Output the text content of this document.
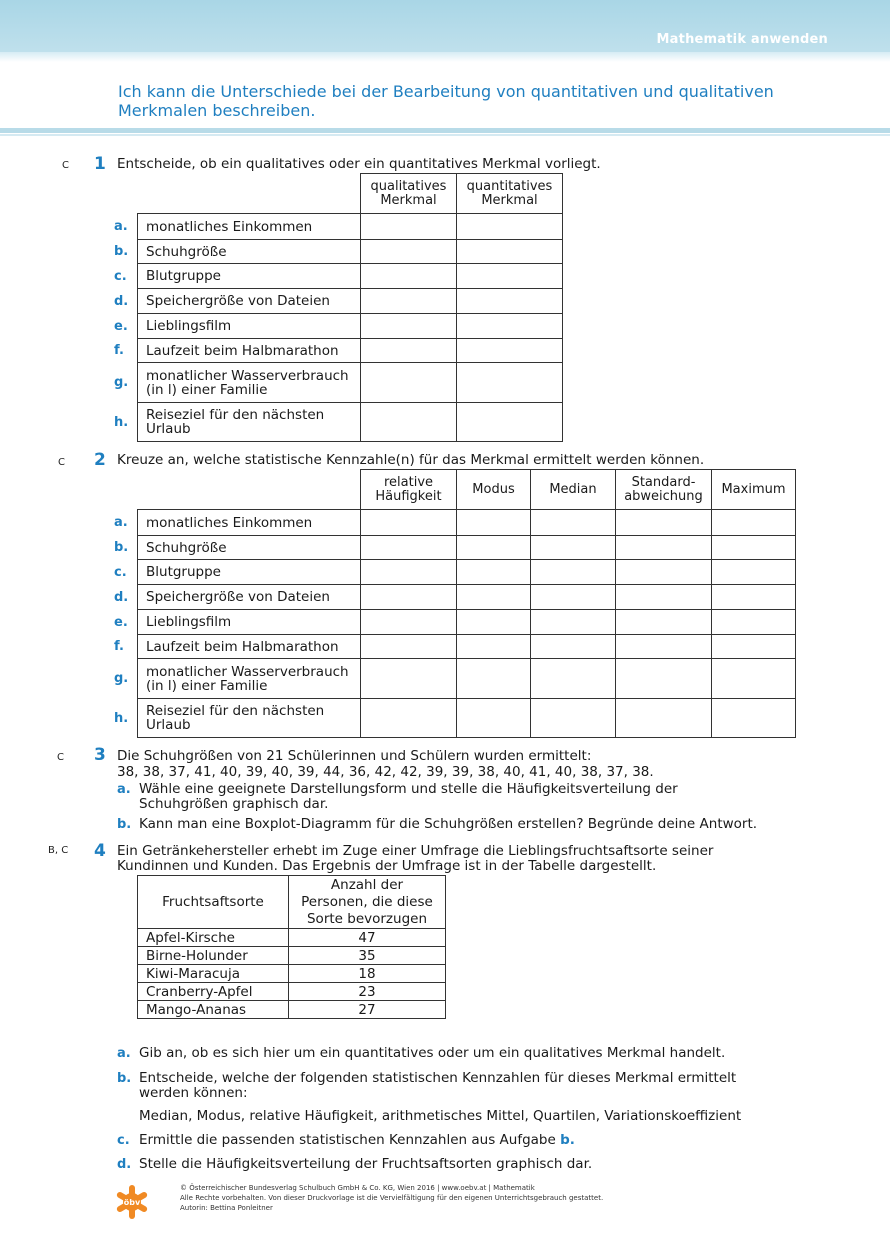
Mathematik anwenden
Ich kann die Unterschiede bei der Bearbeitung von quantitativen und qualitativen Merkmalen beschreiben.
C 1 Entscheide, ob ein qualitatives oder ein quantitatives Merkmal vorliegt.
qualitatives Merkmal
quantitatives Merkmal
a.	monatliches Einkommen
b.	Schuhgröße
c.	Blutgruppe
d.	Speichergröße von Dateien
e.	Lieblingsfilm
f.	Laufzeit beim Halbmarathon
g.	monatlicher Wasserverbrauch (in l) einer Familie
h.	Reiseziel für den nächsten Urlaub
C 2 Kreuze an, welche statistische Kennzahle(n) für das Merkmal ermittelt werden können.
relative Häufigkeit	Modus	Median	Standard-abweichung	Maximum
a.	monatliches Einkommen
b.	Schuhgröße
c.	Blutgruppe
d.	Speichergröße von Dateien
e.	Lieblingsfilm
f.	Laufzeit beim Halbmarathon
g.	monatlicher Wasserverbrauch (in l) einer Familie
h.	Reiseziel für den nächsten Urlaub
C 3 Die Schuhgrößen von 21 Schülerinnen und Schülern wurden ermittelt:
38, 38, 37, 41, 40, 39, 40, 39, 44, 36, 42, 42, 39, 39, 38, 40, 41, 40, 38, 37, 38.
a. Wähle eine geeignete Darstellungsform und stelle die Häufigkeitsverteilung der Schuhgrößen graphisch dar.
b. Kann man eine Boxplot-Diagramm für die Schuhgrößen erstellen? Begründe deine Antwort.
B, C 4 Ein Getränkehersteller erhebt im Zuge einer Umfrage die Lieblingsfruchtsaftsorte seiner Kundinnen und Kunden. Das Ergebnis der Umfrage ist in der Tabelle dargestellt.
Fruchtsaftsorte	Anzahl der Personen, die diese Sorte bevorzugen
Apfel-Kirsche	47
Birne-Holunder	35
Kiwi-Maracuja	18
Cranberry-Apfel	23
Mango-Ananas	27
a. Gib an, ob es sich hier um ein quantitatives oder um ein qualitatives Merkmal handelt.
b. Entscheide, welche der folgenden statistischen Kennzahlen für dieses Merkmal ermittelt werden können:
Median, Modus, relative Häufigkeit, arithmetisches Mittel, Quartilen, Variationskoeffizient
c. Ermittle die passenden statistischen Kennzahlen aus Aufgabe b.
d. Stelle die Häufigkeitsverteilung der Fruchtsaftsorten graphisch dar.
öbv
© Österreichischer Bundesverlag Schulbuch GmbH & Co. KG, Wien 2016 | www.oebv.at | Mathematik
Alle Rechte vorbehalten. Von dieser Druckvorlage ist die Vervielfältigung für den eigenen Unterrichtsgebrauch gestattet.
Autorin: Bettina Ponleitner
